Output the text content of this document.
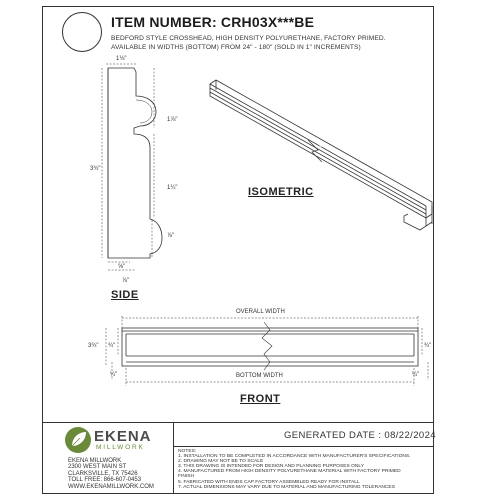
ITEM NUMBER: CRH03X***BE
BEDFORD STYLE CROSSHEAD, HIGH DENSITY POLYURETHANE, FACTORY PRIMED. AVAILABLE IN WIDTHS (BOTTOM) FROM 24" - 180" (SOLD IN 1" INCREMENTS)
SIDE
ISOMETRIC
FRONT
1⅛"
1⅞"
3¾"
1¼"
⅞"
⅝"
⅞"
OVERALL WIDTH
BOTTOM WIDTH
3¾" ¾"	¾"
¼"	¼"
EKENA
MILLWORK
EKENA MILLWORK
2300 WEST MAIN ST
CLARKSVILLE, TX 75426
TOLL FREE: 866-607-0453
WWW.EKENAMILLWORK.COM
GENERATED DATE : 08/22/2024
NOTES:
1. INSTALLATION TO BE COMPLETED IN ACCORDANCE WITH MANUFACTURER'S SPECIFICATIONS.
2. DRAWING MAY NOT BE TO SCALE
3. THIS DRAWING IS INTENDED FOR DESIGN AND PLANNING PURPOSES ONLY
4. MANUFACTURED FROM HIGH DENSITY POLYURETHANE MATERIAL WITH FACTORY PRIMED
FINISH
5. FABRICATED WITH ENDS CAP FACTORY ASSEMBLED READY FOR INSTALL
7. ACTUAL DIMENSIONS MAY VARY DUE TO MATERIAL AND MANUFACTURING TOLERANCES
